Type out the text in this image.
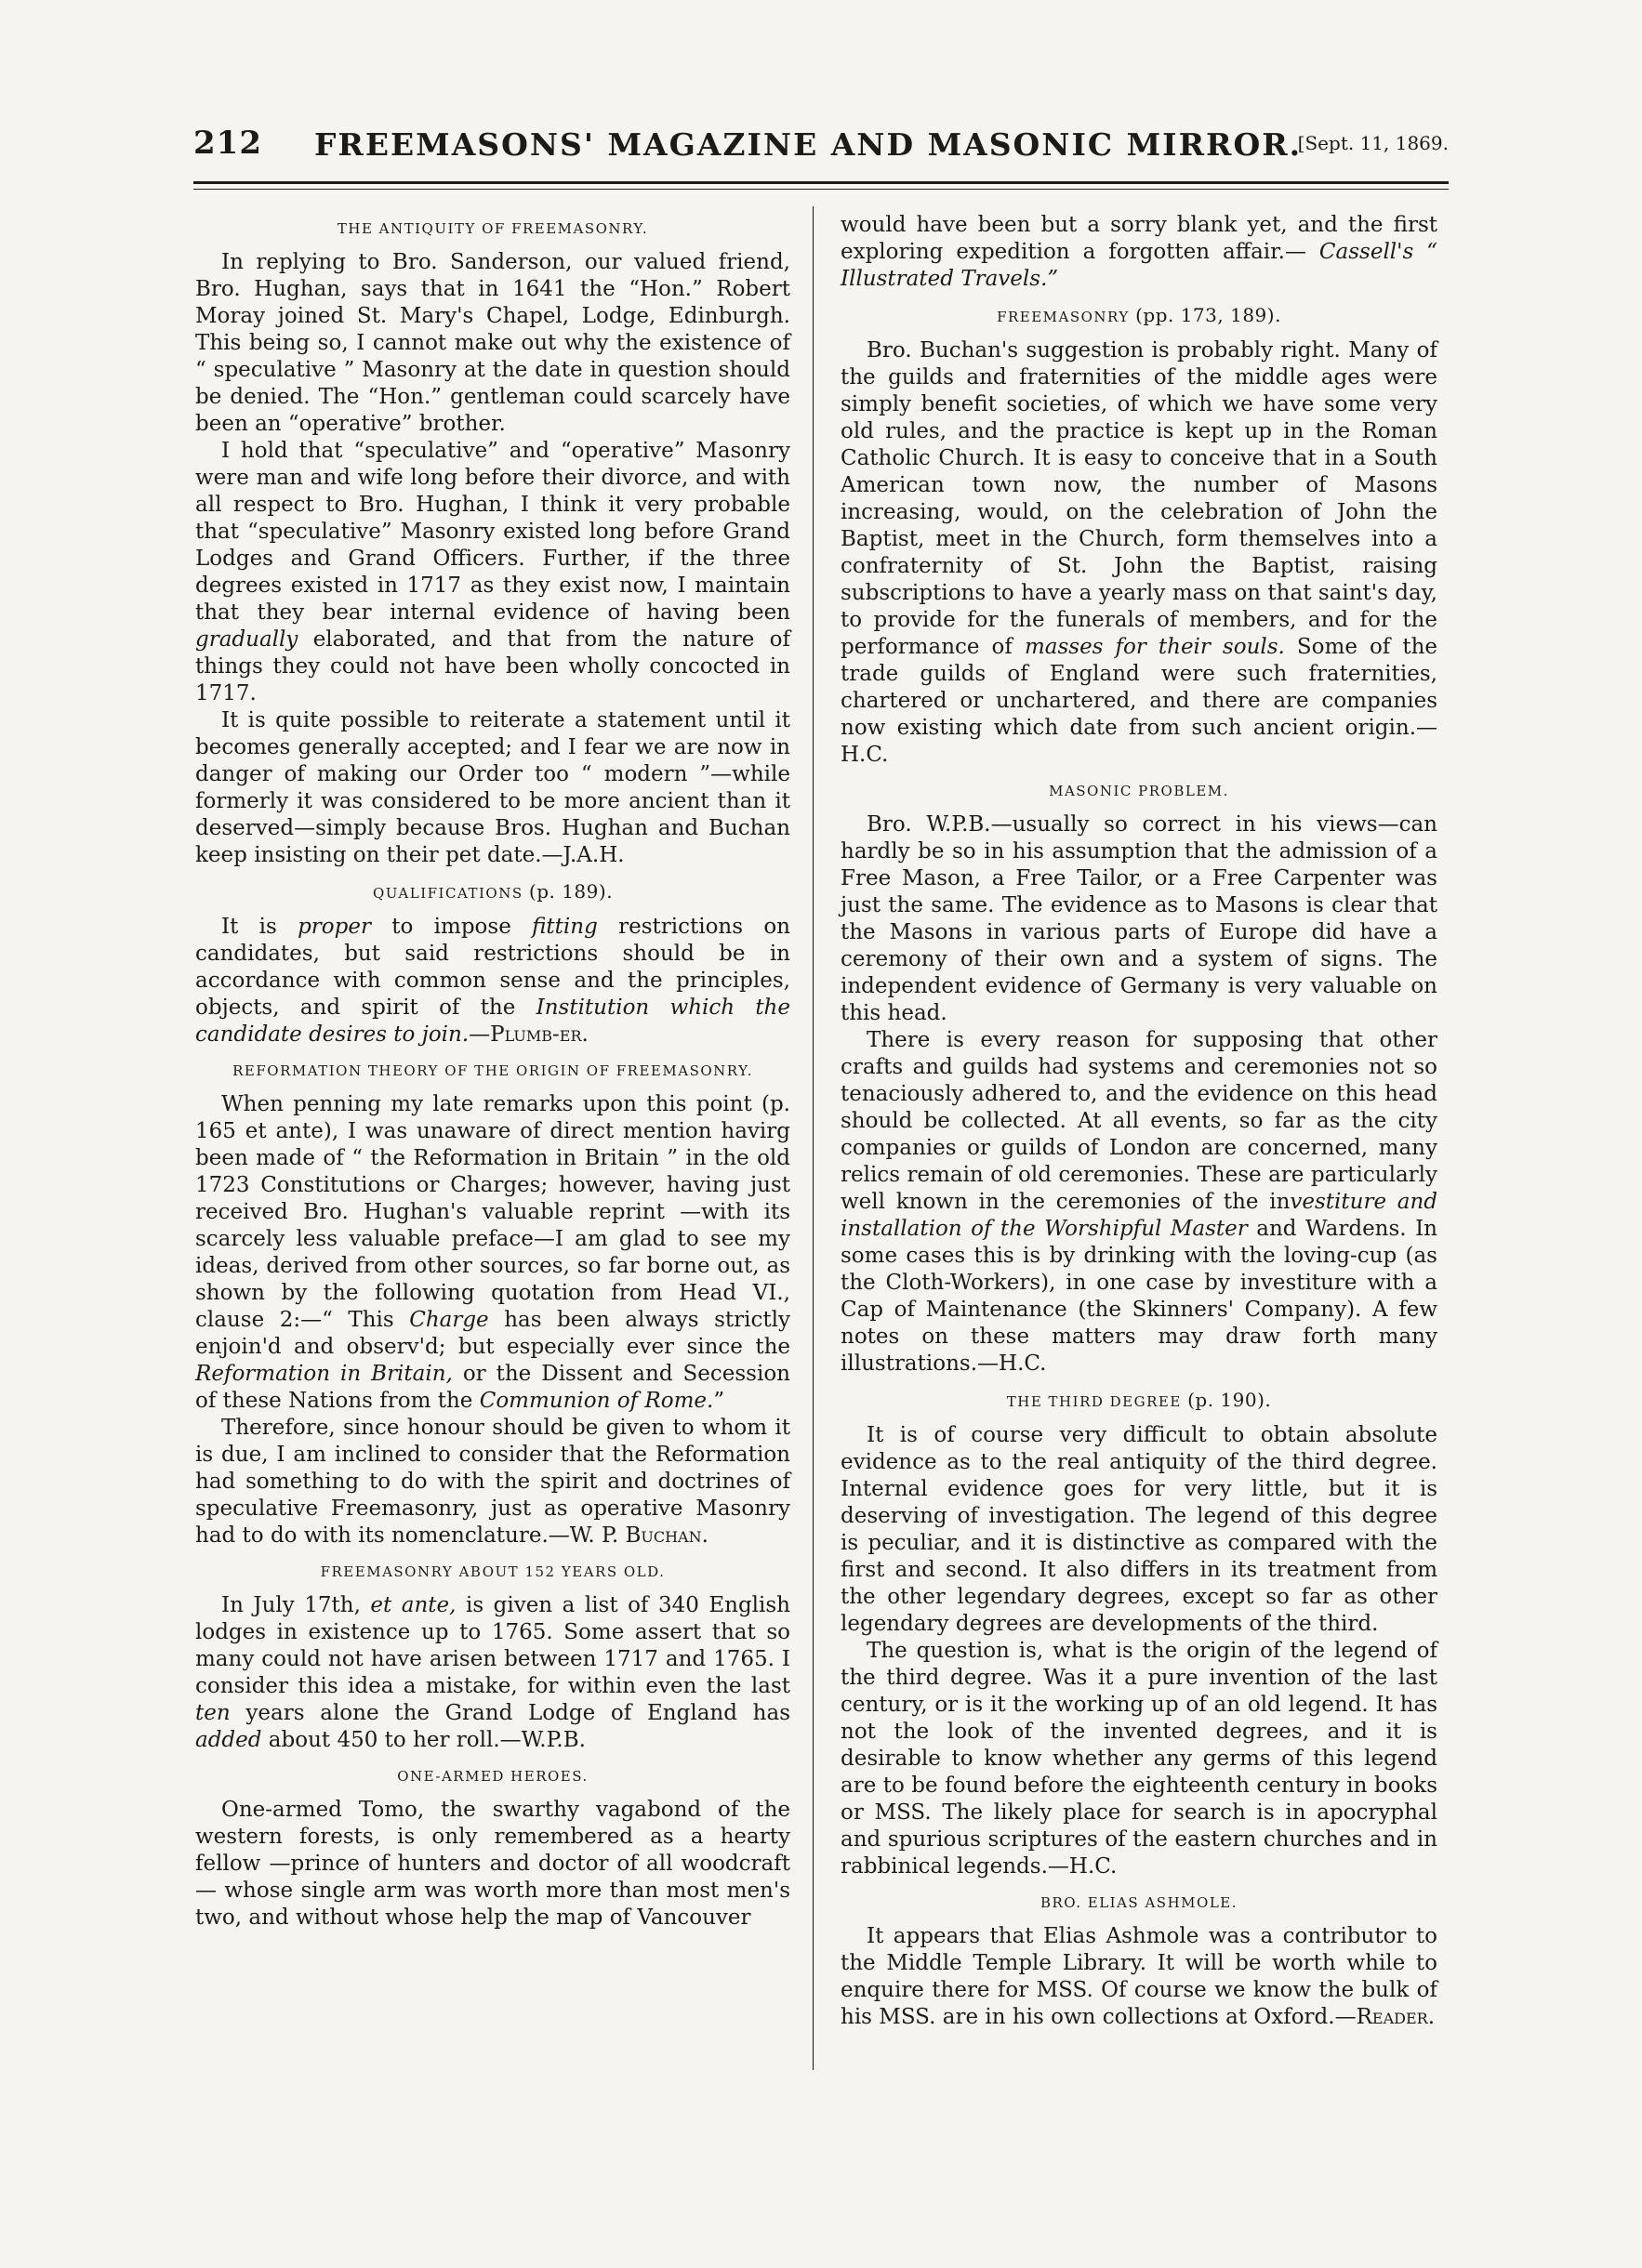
212 FREEMASONS' MAGAZINE AND MASONIC MIRROR.
[Sept. 11, 1869.
THE ANTIQUITY OF FREEMASONRY.

In replying to Bro. Sanderson, our valued friend, Bro. Hughan, says that in 1641 the “Hon.” Robert Moray joined St. Mary's Chapel, Lodge, Edinburgh. This being so, I cannot make out why the existence of “ speculative ” Masonry at the date in question should be denied. The “Hon.” gentleman could scarcely have been an “operative” brother.

I hold that “speculative” and “operative” Masonry were man and wife long before their divorce, and with all respect to Bro. Hughan, I think it very probable that “speculative” Masonry existed long before Grand Lodges and Grand Officers. Further, if the three degrees existed in 1717 as they exist now, I maintain that they bear internal evidence of having been gradually elaborated, and that from the nature of things they could not have been wholly concocted in 1717.

It is quite possible to reiterate a statement until it becomes generally accepted; and I fear we are now in danger of making our Order too “ modern ”—while formerly it was considered to be more ancient than it deserved—simply because Bros. Hughan and Buchan keep insisting on their pet date.—J.A.H.

QUALIFICATIONS (p. 189).

It is proper to impose fitting restrictions on candidates, but said restrictions should be in accordance with common sense and the principles, objects, and spirit of the Institution which the candidate desires to join.—Plumb-er.

REFORMATION THEORY OF THE ORIGIN OF FREEMASONRY.

When penning my late remarks upon this point (p. 165 et ante), I was unaware of direct mention havirg been made of “ the Reformation in Britain ” in the old 1723 Constitutions or Charges; however, having just received Bro. Hughan's valuable reprint —with its scarcely less valuable preface—I am glad to see my ideas, derived from other sources, so far borne out, as shown by the following quotation from Head VI., clause 2:—“ This Charge has been always strictly enjoin'd and observ'd; but especially ever since the Reformation in Britain, or the Dissent and Secession of these Nations from the Communion of Rome.”

Therefore, since honour should be given to whom it is due, I am inclined to consider that the Reformation had something to do with the spirit and doctrines of speculative Freemasonry, just as operative Masonry had to do with its nomenclature.—W. P. Buchan.

FREEMASONRY ABOUT 152 YEARS OLD.

In July 17th, et ante, is given a list of 340 English lodges in existence up to 1765. Some assert that so many could not have arisen between 1717 and 1765. I consider this idea a mistake, for within even the last ten years alone the Grand Lodge of England has added about 450 to her roll.—W.P.B.

ONE-ARMED HEROES.

One-armed Tomo, the swarthy vagabond of the western forests, is only remembered as a hearty fellow —prince of hunters and doctor of all woodcraft— whose single arm was worth more than most men's two, and without whose help the map of Vancouver

would have been but a sorry blank yet, and the first exploring expedition a forgotten affair.— Cassell's “ Illustrated Travels.”

FREEMASONRY (pp. 173, 189).

Bro. Buchan's suggestion is probably right. Many of the guilds and fraternities of the middle ages were simply benefit societies, of which we have some very old rules, and the practice is kept up in the Roman Catholic Church. It is easy to conceive that in a South American town now, the number of Masons increasing, would, on the celebration of John the Baptist, meet in the Church, form themselves into a confraternity of St. John the Baptist, raising subscriptions to have a yearly mass on that saint's day, to provide for the funerals of members, and for the performance of masses for their souls. Some of the trade guilds of England were such fraternities, chartered or unchartered, and there are companies now existing which date from such ancient origin.—H.C.

MASONIC PROBLEM.

Bro. W.P.B.—usually so correct in his views—can hardly be so in his assumption that the admission of a Free Mason, a Free Tailor, or a Free Carpenter was just the same. The evidence as to Masons is clear that the Masons in various parts of Europe did have a ceremony of their own and a system of signs. The independent evidence of Germany is very valuable on this head.

There is every reason for supposing that other crafts and guilds had systems and ceremonies not so tenaciously adhered to, and the evidence on this head should be collected. At all events, so far as the city companies or guilds of London are concerned, many relics remain of old ceremonies. These are particularly well known in the ceremonies of the investiture and installation of the Worshipful Master and Wardens. In some cases this is by drinking with the loving-cup (as the Cloth-Workers), in one case by investiture with a Cap of Maintenance (the Skinners' Company). A few notes on these matters may draw forth many illustrations.—H.C.

THE THIRD DEGREE (p. 190).

It is of course very difficult to obtain absolute evidence as to the real antiquity of the third degree. Internal evidence goes for very little, but it is deserving of investigation. The legend of this degree is peculiar, and it is distinctive as compared with the first and second. It also differs in its treatment from the other legendary degrees, except so far as other legendary degrees are developments of the third.

The question is, what is the origin of the legend of the third degree. Was it a pure invention of the last century, or is it the working up of an old legend. It has not the look of the invented degrees, and it is desirable to know whether any germs of this legend are to be found before the eighteenth century in books or MSS. The likely place for search is in apocryphal and spurious scriptures of the eastern churches and in rabbinical legends.—H.C.

BRO. ELIAS ASHMOLE.

It appears that Elias Ashmole was a contributor to the Middle Temple Library. It will be worth while to enquire there for MSS. Of course we know the bulk of his MSS. are in his own collections at Oxford.—Reader.
